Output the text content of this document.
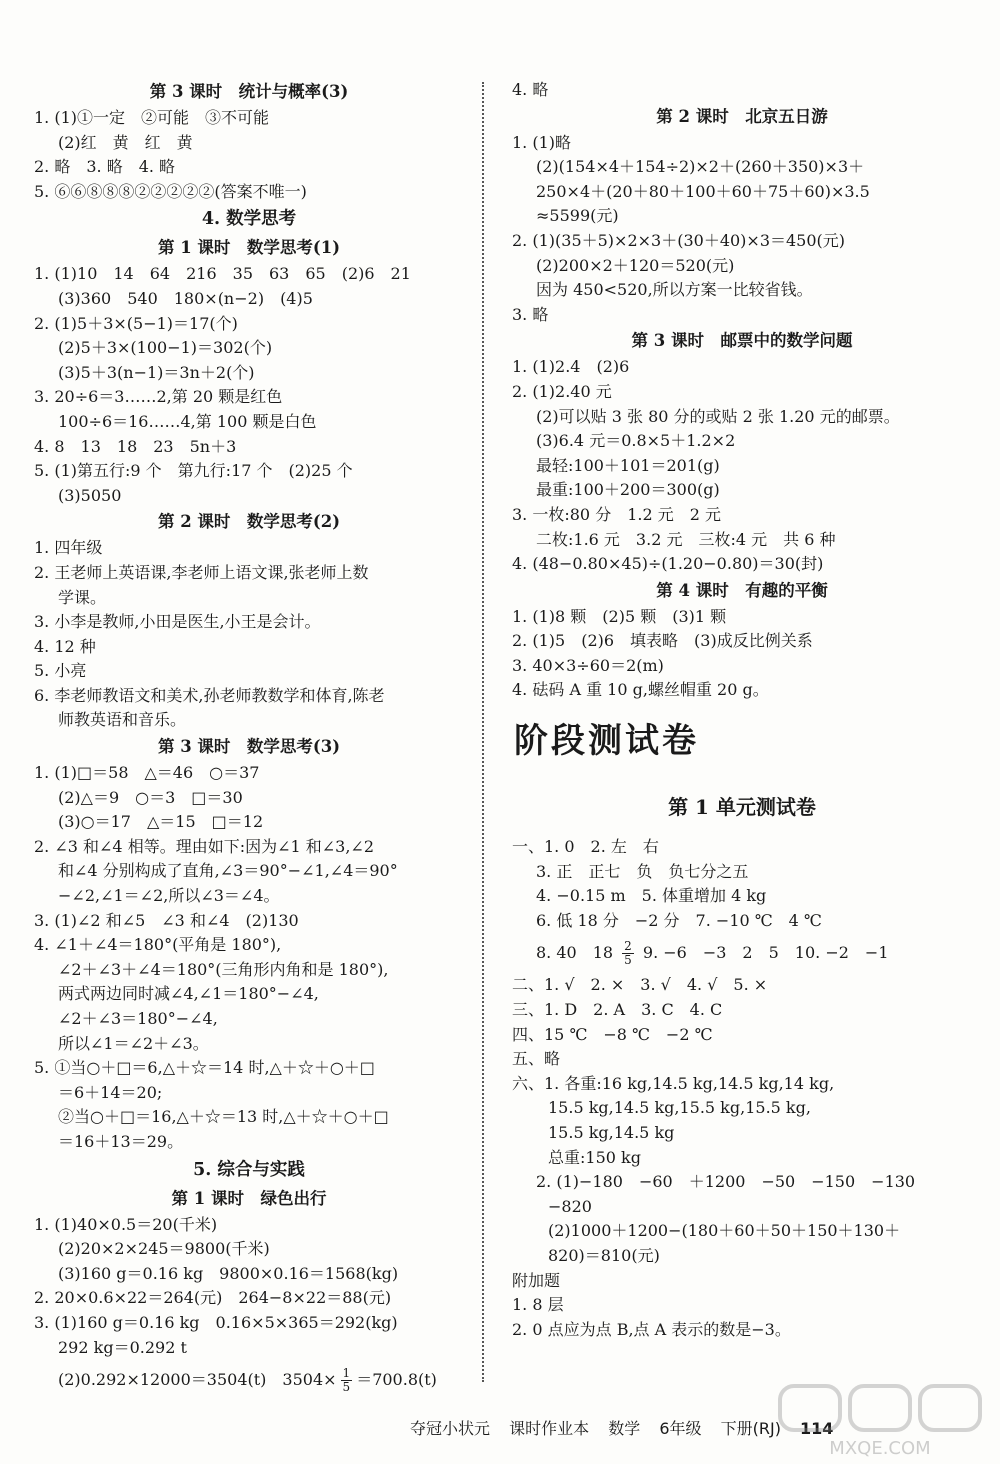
第 3 课时　统计与概率(3)
1. (1)①一定　②可能　③不可能
(2)红　黄　红　黄
2. 略　3. 略　4. 略
5. ⑥⑥⑧⑧⑧②②②②②(答案不唯一)
4. 数学思考
第 1 课时　数学思考(1)
1. (1)10　14　64　216　35　63　65　(2)6　21
(3)360　540　180×(n−2)　(4)5
2. (1)5＋3×(5−1)＝17(个)
(2)5＋3×(100−1)＝302(个)
(3)5＋3(n−1)＝3n＋2(个)
3. 20÷6＝3……2,第 20 颗是红色
100÷6＝16……4,第 100 颗是白色
4. 8　13　18　23　5n＋3
5. (1)第五行:9 个　第九行:17 个　(2)25 个
(3)5050
第 2 课时　数学思考(2)
1. 四年级
2. 王老师上英语课,李老师上语文课,张老师上数
学课。
3. 小李是教师,小田是医生,小王是会计。
4. 12 种
5. 小亮
6. 李老师教语文和美术,孙老师教数学和体育,陈老
师教英语和音乐。
第 3 课时　数学思考(3)
1. (1)□＝58　△＝46　○＝37
(2)△＝9　○＝3　□＝30
(3)○＝17　△＝15　□＝12
2. ∠3 和∠4 相等。理由如下:因为∠1 和∠3,∠2
和∠4 分别构成了直角,∠3＝90°−∠1,∠4＝90°
−∠2,∠1＝∠2,所以∠3＝∠4。
3. (1)∠2 和∠5　∠3 和∠4　(2)130
4. ∠1＋∠4＝180°(平角是 180°),
∠2＋∠3＋∠4＝180°(三角形内角和是 180°),
两式两边同时减∠4,∠1＝180°−∠4,
∠2＋∠3＝180°−∠4,
所以∠1＝∠2＋∠3。
5. ①当○＋□＝6,△＋☆＝14 时,△＋☆＋○＋□
＝6＋14＝20;
②当○＋□＝16,△＋☆＝13 时,△＋☆＋○＋□
＝16＋13＝29。
5. 综合与实践
第 1 课时　绿色出行
1. (1)40×0.5＝20(千米)
(2)20×2×245＝9800(千米)
(3)160 g＝0.16 kg　9800×0.16＝1568(kg)
2. 20×0.6×22＝264(元)　264−8×22＝88(元)
3. (1)160 g＝0.16 kg　0.16×5×365＝292(kg)
292 kg＝0.292 t
(2)0.292×12000＝3504(t)　$3504\times \frac{1}{5} =700.8(t)$
4. 略
第 2 课时　北京五日游
1. (1)略
(2)(154×4＋154÷2)×2＋(260＋350)×3＋
250×4＋(20＋80＋100＋60＋75＋60)×3.5
≈5599(元)
2. (1)(35＋5)×2×3＋(30＋40)×3＝450(元)
(2)200×2＋120＝520(元)
因为 450<520,所以方案一比较省钱。
3. 略
第 3 课时　邮票中的数学问题
1. (1)2.4　(2)6
2. (1)2.40 元
(2)可以贴 3 张 80 分的或贴 2 张 1.20 元的邮票。
(3)6.4 元＝0.8×5＋1.2×2
最轻:100＋101＝201(g)
最重:100＋200＝300(g)
3. 一枚:80 分　1.2 元　2 元
二枚:1.6 元　3.2 元　三枚:4 元　共 6 种
4. (48−0.80×45)÷(1.20−0.80)＝30(封)
第 4 课时　有趣的平衡
1. (1)8 颗　(2)5 颗　(3)1 颗
2. (1)5　(2)6　填表略　(3)成反比例关系
3. 40×3÷60＝2(m)
4. 砝码 A 重 10 g,螺丝帽重 20 g。
阶段测试卷
第 1 单元测试卷
一、1. 0　2. 左　右
3. 正　正七　负　负七分之五
4. −0.15 m　5. 体重增加 4 kg
6. 低 18 分　−2 分　7. −10 ℃　4 ℃
8. 40　$18 \frac{2}{5} 9$. −6　−3　2　5　10. −2　−1
二、1. √　2. ×　3. √　4. √　5. ×
三、1. D　2. A　3. C　4. C
四、15 ℃　−8 ℃　−2 ℃
五、略
六、1. 各重:16 kg,14.5 kg,14.5 kg,14 kg,
15.5 kg,14.5 kg,15.5 kg,15.5 kg,
15.5 kg,14.5 kg
总重:150 kg
2. (1)−180　−60　＋1200　−50　−150　−130
−820
(2)1000＋1200−(180＋60＋50＋150＋130＋
820)＝810(元)
附加题
1. 8 层
2. 0 点应为点 B,点 A 表示的数是−3。
夺冠小状元 课时作业本 数学 6年级 下册(RJ) 114
MXQE.COM
